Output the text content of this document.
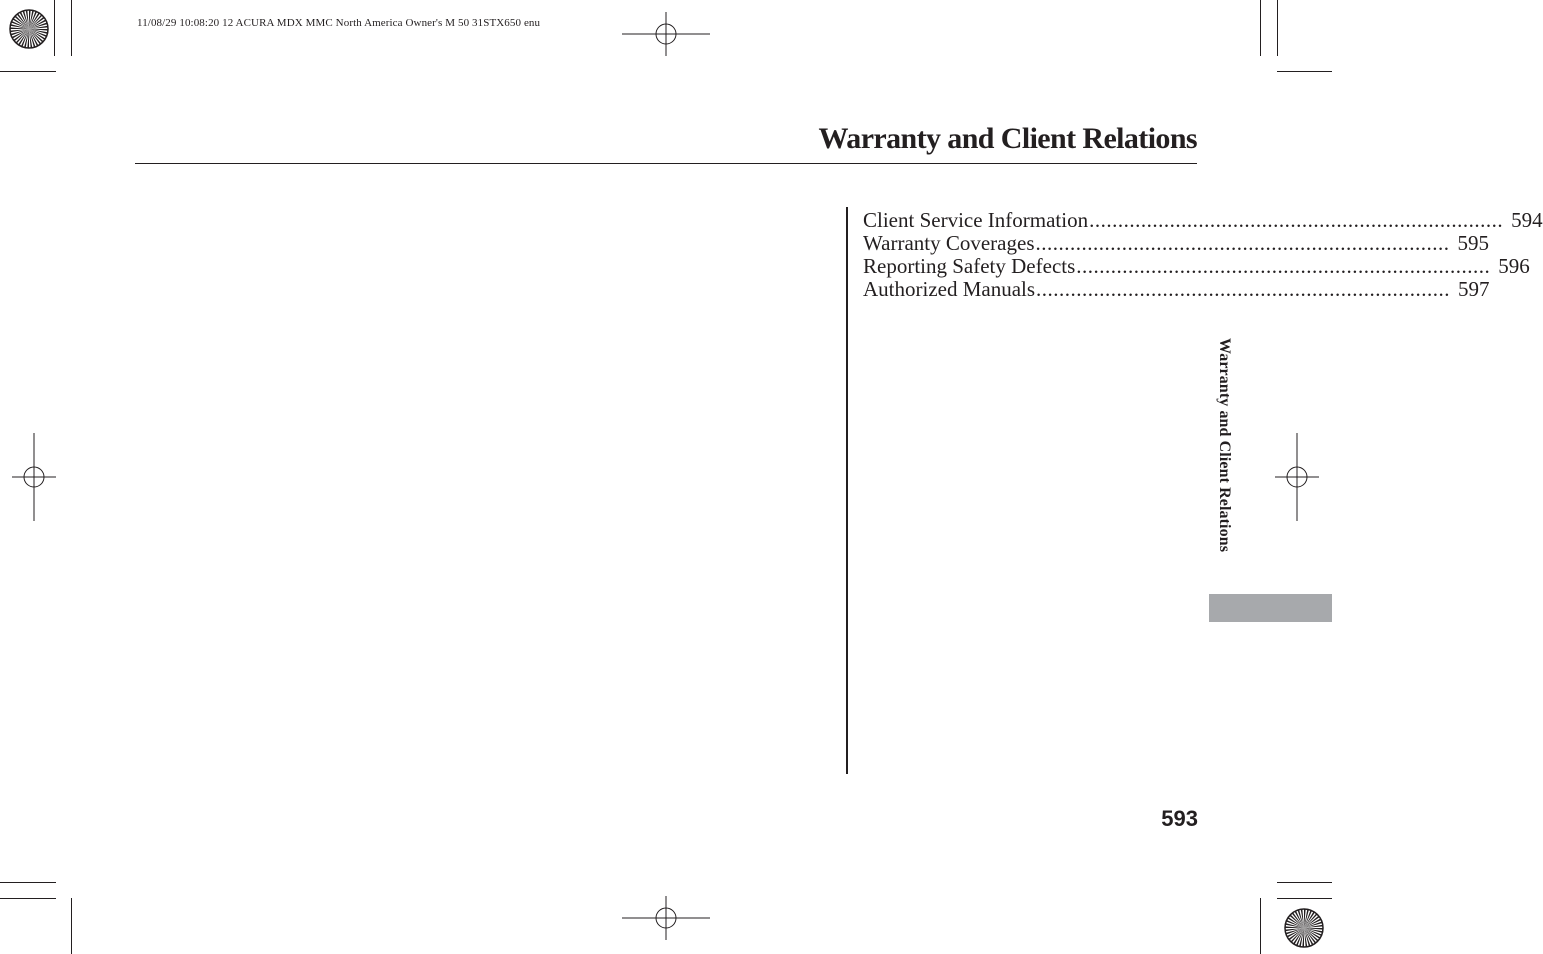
11/08/29 10:08:20 12 ACURA MDX MMC North America Owner's M 50 31STX650 enu
Warranty and Client Relations
Client Service Information ........................................................................ 594
Warranty Coverages ........................................................................ 595
Reporting Safety Defects ........................................................................ 596
Authorized Manuals ........................................................................ 597
Warranty and Client Relations
593
